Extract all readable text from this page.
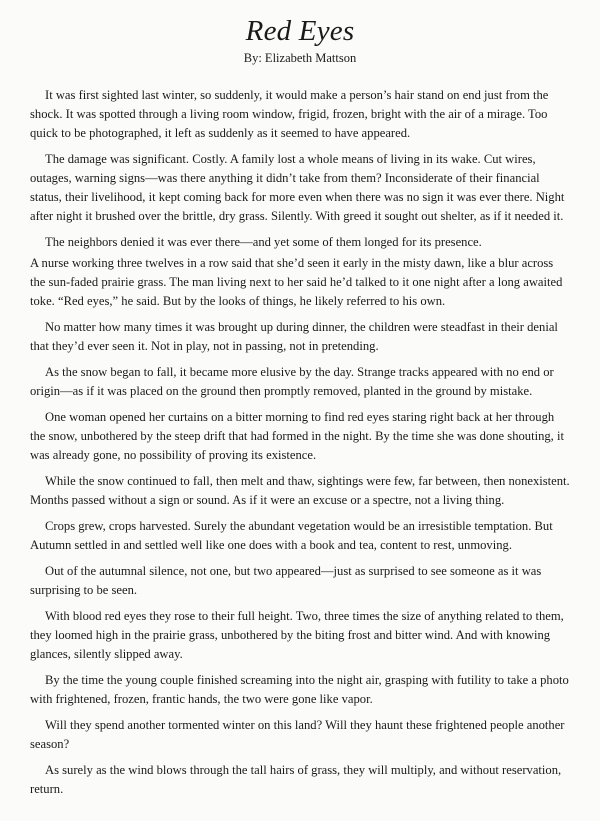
Red Eyes
By: Elizabeth Mattson

It was first sighted last winter, so suddenly, it would make a person’s hair stand on end just from the shock. It was spotted through a living room window, frigid, frozen, bright with the air of a mirage. Too quick to be photographed, it left as suddenly as it seemed to have appeared.

The damage was significant. Costly. A family lost a whole means of living in its wake. Cut wires, outages, warning signs—was there anything it didn’t take from them? Inconsiderate of their financial status, their livelihood, it kept coming back for more even when there was no sign it was ever there. Night after night it brushed over the brittle, dry grass. Silently. With greed it sought out shelter, as if it needed it.

The neighbors denied it was ever there—and yet some of them longed for its presence.

A nurse working three twelves in a row said that she’d seen it early in the misty dawn, like a blur across the sun-faded prairie grass. The man living next to her said he’d talked to it one night after a long awaited toke. “Red eyes,” he said. But by the looks of things, he likely referred to his own.

No matter how many times it was brought up during dinner, the children were steadfast in their denial that they’d ever seen it. Not in play, not in passing, not in pretending.

As the snow began to fall, it became more elusive by the day. Strange tracks appeared with no end or origin—as if it was placed on the ground then promptly removed, planted in the ground by mistake.

One woman opened her curtains on a bitter morning to find red eyes staring right back at her through the snow, unbothered by the steep drift that had formed in the night. By the time she was done shouting, it was already gone, no possibility of proving its existence.

While the snow continued to fall, then melt and thaw, sightings were few, far between, then nonexistent. Months passed without a sign or sound. As if it were an excuse or a spectre, not a living thing.

Crops grew, crops harvested. Surely the abundant vegetation would be an irresistible temptation. But Autumn settled in and settled well like one does with a book and tea, content to rest, unmoving.

Out of the autumnal silence, not one, but two appeared—just as surprised to see someone as it was surprising to be seen.

With blood red eyes they rose to their full height. Two, three times the size of anything related to them, they loomed high in the prairie grass, unbothered by the biting frost and bitter wind. And with knowing glances, silently slipped away.

By the time the young couple finished screaming into the night air, grasping with futility to take a photo with frightened, frozen, frantic hands, the two were gone like vapor.

Will they spend another tormented winter on this land? Will they haunt these frightened people another season?

As surely as the wind blows through the tall hairs of grass, they will multiply, and without reservation, return.
